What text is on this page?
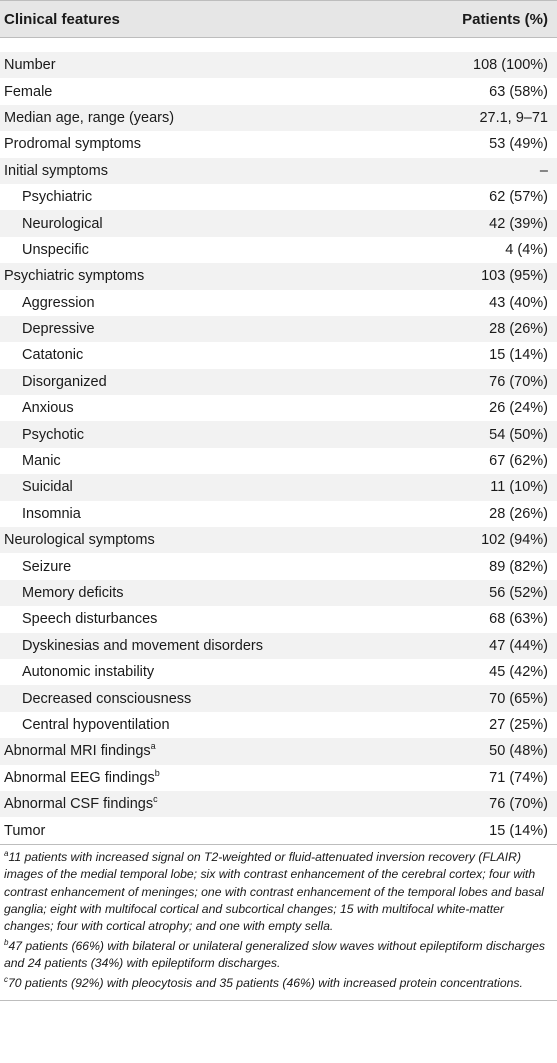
Clinical features	Patients (%)
Number	108 (100%)
Female	63 (58%)
Median age, range (years)	27.1, 9–71
Prodromal symptoms	53 (49%)
Initial symptoms	–
Psychiatric	62 (57%)
Neurological	42 (39%)
Unspecific	4 (4%)
Psychiatric symptoms	103 (95%)
Aggression	43 (40%)
Depressive	28 (26%)
Catatonic	15 (14%)
Disorganized	76 (70%)
Anxious	26 (24%)
Psychotic	54 (50%)
Manic	67 (62%)
Suicidal	11 (10%)
Insomnia	28 (26%)
Neurological symptoms	102 (94%)
Seizure	89 (82%)
Memory deficits	56 (52%)
Speech disturbances	68 (63%)
Dyskinesias and movement disorders	47 (44%)
Autonomic instability	45 (42%)
Decreased consciousness	70 (65%)
Central hypoventilation	27 (25%)
Abnormal MRI findings$^a$	50 (48%)
Abnormal EEG findings$^b$	71 (74%)
Abnormal CSF findings$^c$	76 (70%)
Tumor	15 (14%)

$^a$11 patients with increased signal on T2-weighted or fluid-attenuated inversion recovery (FLAIR) images of the medial temporal lobe; six with contrast enhancement of the cerebral cortex; four with contrast enhancement of meninges; one with contrast enhancement of the temporal lobes and basal ganglia; eight with multifocal cortical and subcortical changes; 15 with multifocal white-matter changes; four with cortical atrophy; and one with empty sella.

$^b$47 patients (66%) with bilateral or unilateral generalized slow waves without epileptiform discharges and 24 patients (34%) with epileptiform discharges.

$^c$70 patients (92%) with pleocytosis and 35 patients (46%) with increased protein concentrations.
